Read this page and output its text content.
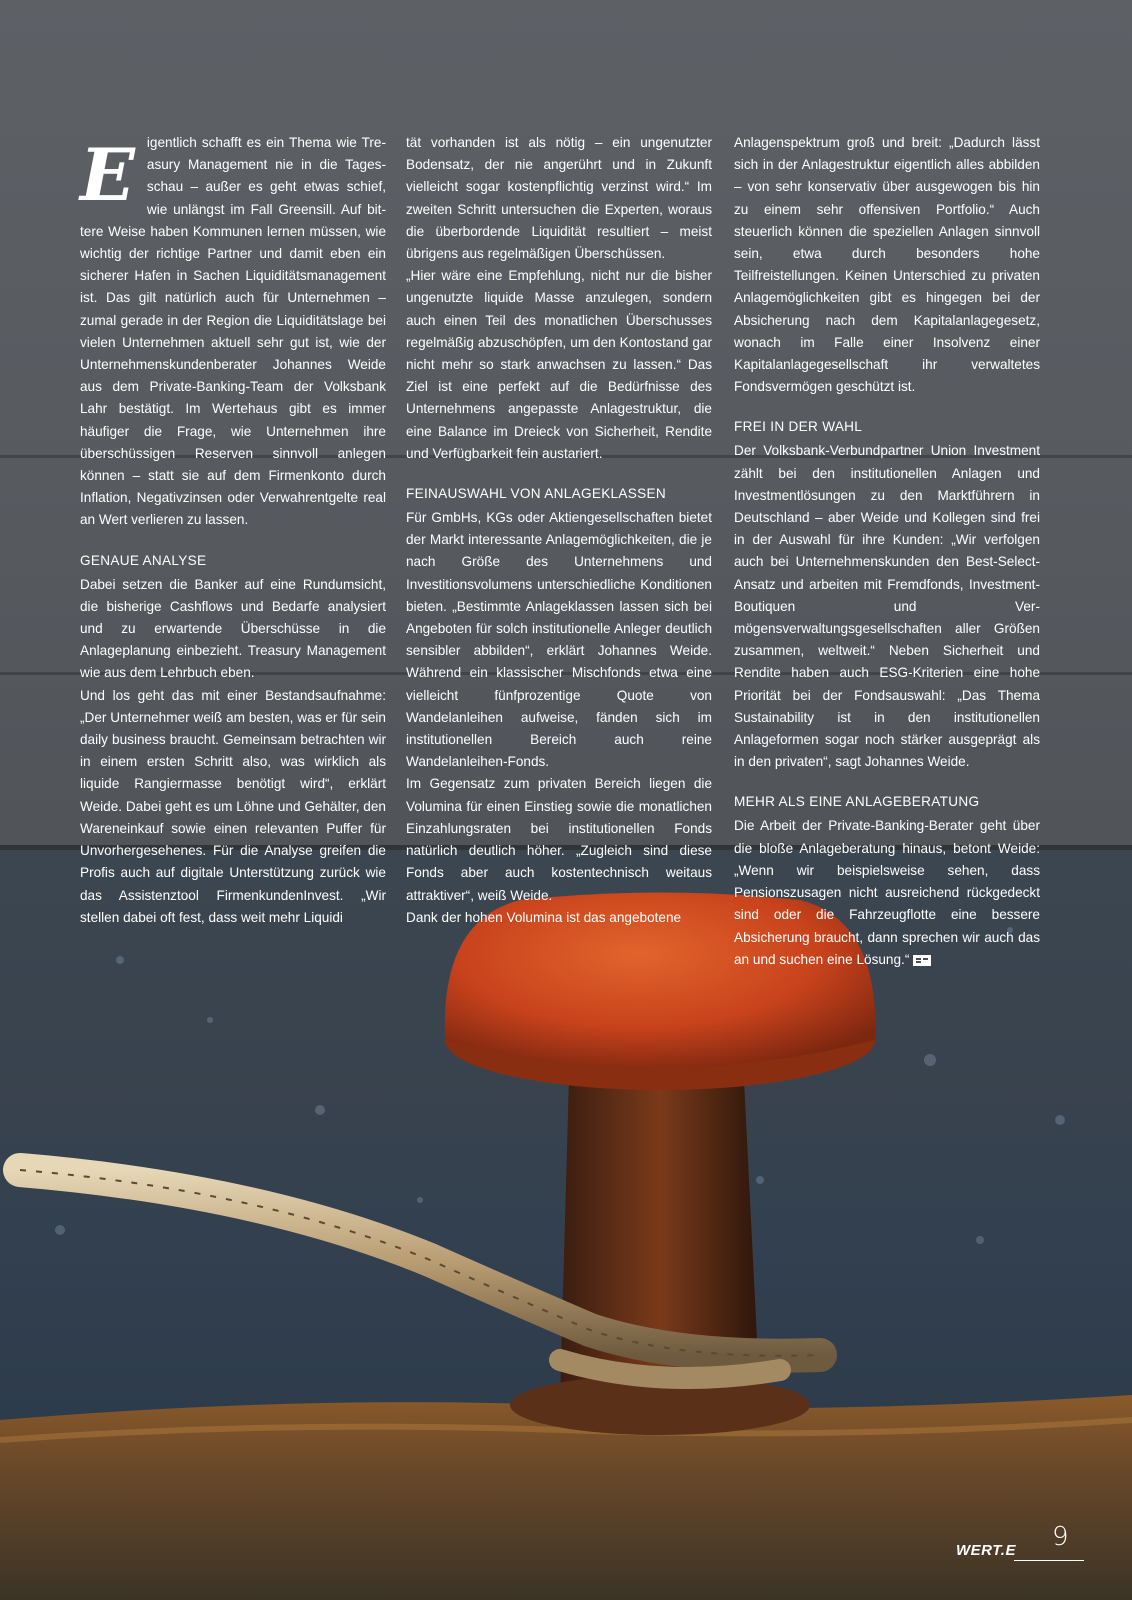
E igentlich schafft es ein Thema wie Treasury Management nie in die Tagesschau – außer es geht etwas schief, wie unlängst im Fall Greensill. Auf bittere Weise haben Kommunen lernen müssen, wie wichtig der richtige Partner und damit eben ein sicherer Hafen in Sachen Liquiditätsmanagement ist. Das gilt natürlich auch für Unternehmen – zumal gerade in der Region die Liquiditätslage bei vielen Unternehmen aktuell sehr gut ist, wie der Unternehmenskundenberater Johannes Weide aus dem Private-Banking-Team der Volksbank Lahr bestätigt. Im Wertehaus gibt es immer häufiger die Frage, wie Unternehmen ihre überschüssigen Reserven sinnvoll anlegen können – statt sie auf dem Firmenkonto durch Inflation, Negativzinsen oder Verwahrentgelte real an Wert verlieren zu lassen.

GENAUE ANALYSE

Dabei setzen die Banker auf eine Rundumsicht, die bisherige Cashflows und Bedarfe analysiert und zu erwartende Überschüsse in die Anlageplanung einbezieht. Treasury Management wie aus dem Lehrbuch eben.

Und los geht das mit einer Bestandsaufnahme: „Der Unternehmer weiß am besten, was er für sein daily business braucht. Gemeinsam betrachten wir in einem ersten Schritt also, was wirklich als liquide Rangiermasse benötigt wird“, erklärt Weide. Dabei geht es um Löhne und Gehälter, den Wareneinkauf sowie einen relevanten Puffer für Unvorhergesehenes. Für die Analyse greifen die Profis auch auf digitale Unterstützung zurück wie das Assistenztool FirmenkundenInvest. „Wir stellen dabei oft fest, dass weit mehr Liquidi

tät vorhanden ist als nötig – ein ungenutzter Bodensatz, der nie angerührt und in Zukunft vielleicht sogar kostenpflichtig verzinst wird.“ Im zweiten Schritt untersuchen die Experten, woraus die überbordende Liquidität resultiert – meist übrigens aus regelmäßigen Überschüssen.

„Hier wäre eine Empfehlung, nicht nur die bisher ungenutzte liquide Masse anzulegen, sondern auch einen Teil des monatlichen Überschusses regelmäßig abzuschöpfen, um den Kontostand gar nicht mehr so stark anwachsen zu lassen.“ Das Ziel ist eine perfekt auf die Bedürfnisse des Unternehmens angepasste Anlagestruktur, die eine Balance im Dreieck von Sicherheit, Rendite und Verfügbarkeit fein austariert.

FEINAUSWAHL VON ANLAGEKLASSEN

Für GmbHs, KGs oder Aktiengesellschaften bietet der Markt interessante Anlagemöglichkeiten, die je nach Größe des Unternehmens und Investitionsvolumens unterschiedliche Konditionen bieten. „Bestimmte Anlageklassen lassen sich bei Angeboten für solch institutionelle Anleger deutlich sensibler abbilden“, erklärt Johannes Weide. Während ein klassischer Mischfonds etwa eine vielleicht fünfprozentige Quote von Wandelanleihen aufweise, fänden sich im institutionellen Bereich auch reine Wandelanleihen-Fonds.

Im Gegensatz zum privaten Bereich liegen die Volumina für einen Einstieg sowie die monatlichen Einzahlungsraten bei institutionellen Fonds natürlich deutlich höher. „Zugleich sind diese Fonds aber auch kostentechnisch weitaus attraktiver“, weiß Weide.

Dank der hohen Volumina ist das angebotene

Anlagenspektrum groß und breit: „Dadurch lässt sich in der Anlagestruktur eigentlich alles abbilden – von sehr konservativ über ausgewogen bis hin zu einem sehr offensiven Portfolio.“ Auch steuerlich können die speziellen Anlagen sinnvoll sein, etwa durch besonders hohe Teilfreistellungen. Keinen Unterschied zu privaten Anlagemöglichkeiten gibt es hingegen bei der Absicherung nach dem Kapitalanlagegesetz, wonach im Falle einer Insolvenz einer Kapitalanlagegesellschaft ihr verwaltetes Fondsvermögen geschützt ist.

FREI IN DER WAHL

Der Volksbank-Verbundpartner Union Investment zählt bei den institutionellen Anlagen und Investmentlösungen zu den Marktführern in Deutschland – aber Weide und Kollegen sind frei in der Auswahl für ihre Kunden: „Wir verfolgen auch bei Unternehmenskunden den Best-Select-Ansatz und arbeiten mit Fremdfonds, Investment-Boutiquen und Vermögensverwaltungsgesellschaften aller Größen zusammen, weltweit.“ Neben Sicherheit und Rendite haben auch ESG-Kriterien eine hohe Priorität bei der Fondsauswahl: „Das Thema Sustainability ist in den institutionellen Anlageformen sogar noch stärker ausgeprägt als in den privaten“, sagt Johannes Weide.

MEHR ALS EINE ANLAGEBERATUNG

Die Arbeit der Private-Banking-Berater geht über die bloße Anlageberatung hinaus, betont Weide: „Wenn wir beispielsweise sehen, dass Pensionszusagen nicht ausreichend rückgedeckt sind oder die Fahrzeugflotte eine bessere Absicherung braucht, dann sprechen wir auch das an und suchen eine Lösung.“

WERT.E 9
